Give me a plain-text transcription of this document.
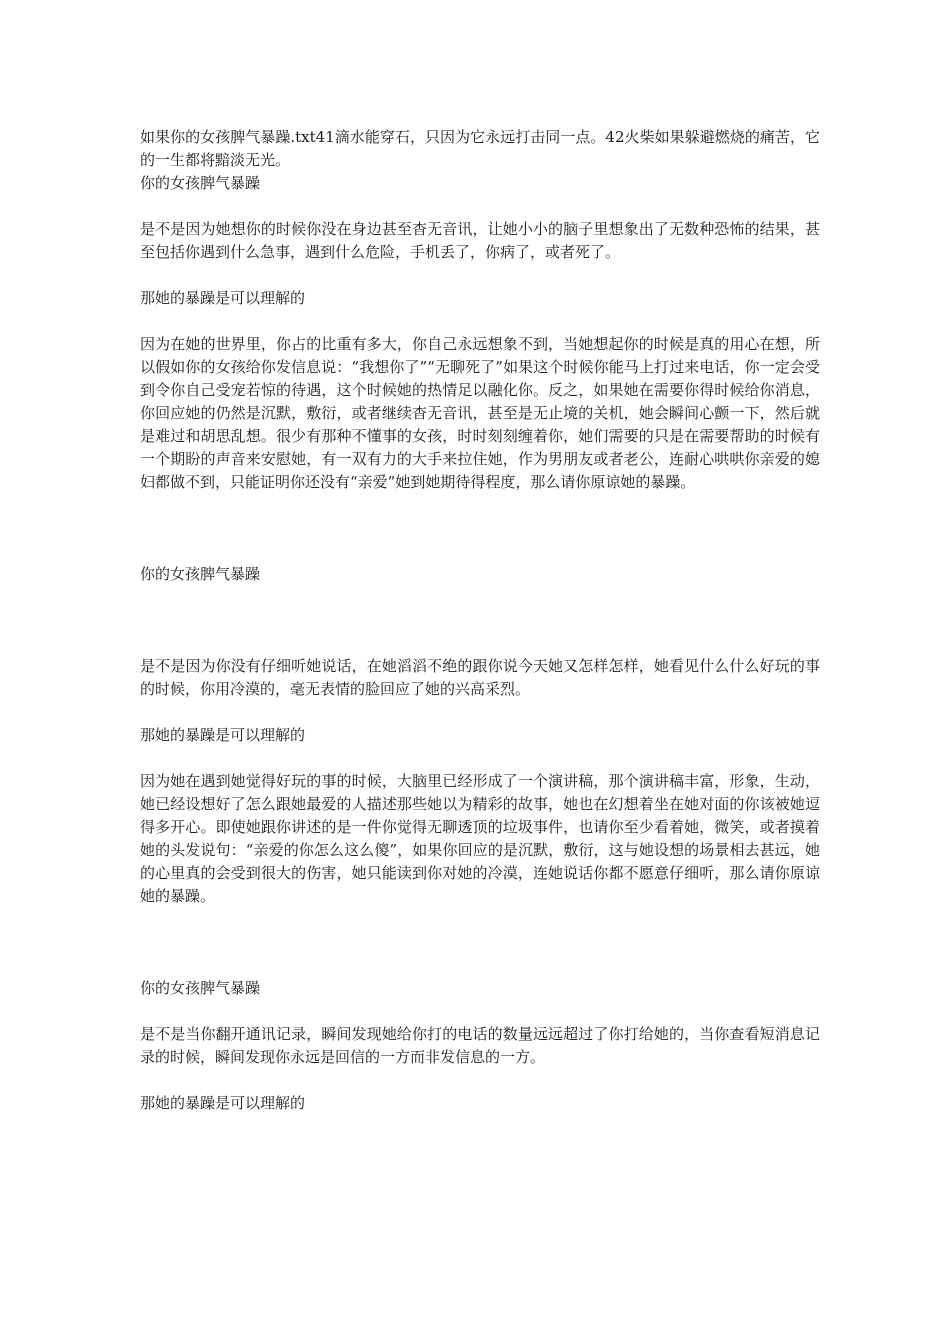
如果你的女孩脾气暴躁.txt41滴水能穿石，只因为它永远打击同一点。42火柴如果躲避燃烧的痛苦，它的一生都将黯淡无光。

你的女孩脾气暴躁

是不是因为她想你的时候你没在身边甚至杳无音讯，让她小小的脑子里想象出了无数种恐怖的结果，甚至包括你遇到什么急事，遇到什么危险，手机丢了，你病了，或者死了。

那她的暴躁是可以理解的

因为在她的世界里，你占的比重有多大，你自己永远想象不到，当她想起你的时候是真的用心在想，所以假如你的女孩给你发信息说：“我想你了”“无聊死了”如果这个时候你能马上打过来电话，你一定会受到令你自己受宠若惊的待遇，这个时候她的热情足以融化你。反之，如果她在需要你得时候给你消息，你回应她的仍然是沉默，敷衍，或者继续杳无音讯，甚至是无止境的关机，她会瞬间心颤一下，然后就是难过和胡思乱想。很少有那种不懂事的女孩，时时刻刻缠着你，她们需要的只是在需要帮助的时候有一个期盼的声音来安慰她，有一双有力的大手来拉住她，作为男朋友或者老公，连耐心哄哄你亲爱的媳妇都做不到，只能证明你还没有“亲爱”她到她期待得程度，那么请你原谅她的暴躁。

你的女孩脾气暴躁

是不是因为你没有仔细听她说话，在她滔滔不绝的跟你说今天她又怎样怎样，她看见什么什么好玩的事的时候，你用冷漠的，毫无表情的脸回应了她的兴高采烈。

那她的暴躁是可以理解的

因为她在遇到她觉得好玩的事的时候，大脑里已经形成了一个演讲稿，那个演讲稿丰富，形象，生动，她已经设想好了怎么跟她最爱的人描述那些她以为精彩的故事，她也在幻想着坐在她对面的你该被她逗得多开心。即使她跟你讲述的是一件你觉得无聊透顶的垃圾事件，也请你至少看着她，微笑，或者摸着她的头发说句：“亲爱的你怎么这么傻”，如果你回应的是沉默，敷衍，这与她设想的场景相去甚远，她的心里真的会受到很大的伤害，她只能读到你对她的冷漠，连她说话你都不愿意仔细听，那么请你原谅她的暴躁。

你的女孩脾气暴躁

是不是当你翻开通讯记录，瞬间发现她给你打的电话的数量远远超过了你打给她的，当你查看短消息记录的时候，瞬间发现你永远是回信的一方而非发信息的一方。

那她的暴躁是可以理解的
